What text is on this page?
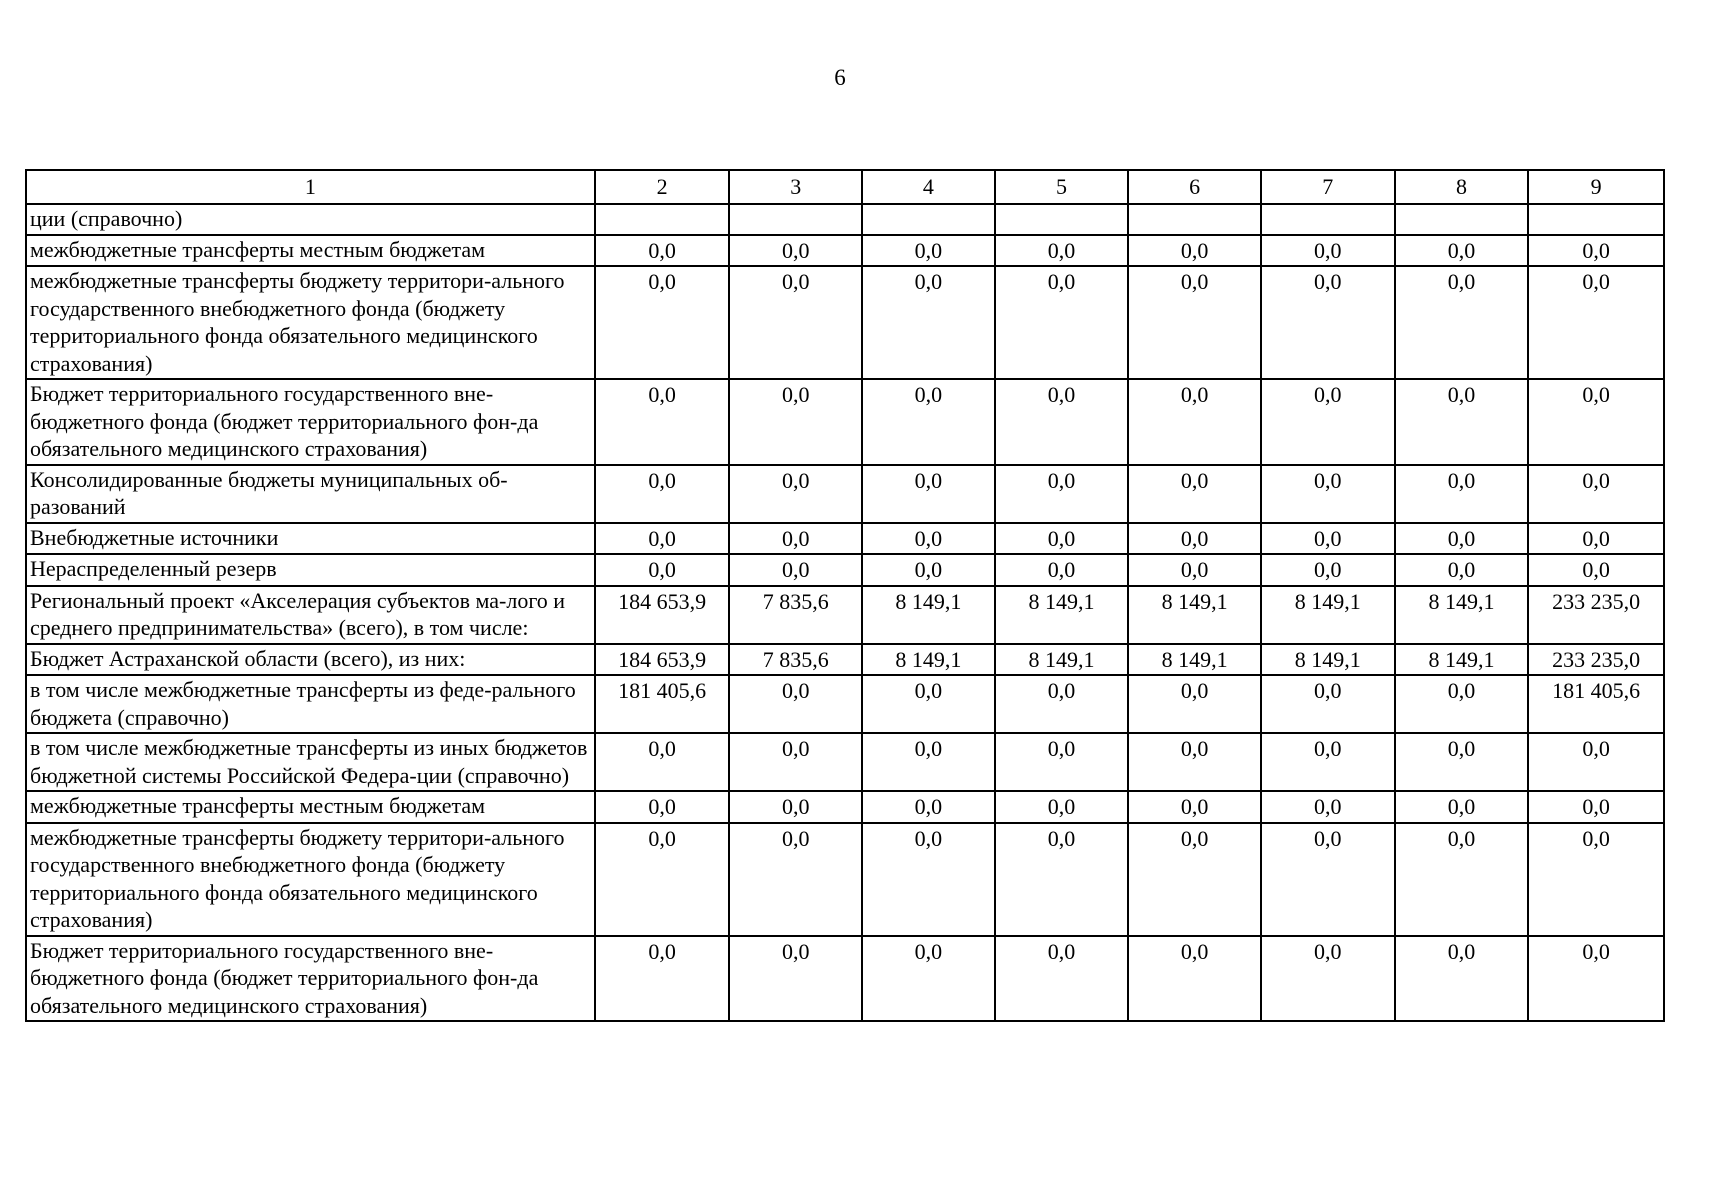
6
1	2	3	4	5	6	7	8	9
ции (справочно)								
межбюджетные трансферты местным бюджетам	0,0	0,0	0,0	0,0	0,0	0,0	0,0	0,0
межбюджетные трансферты бюджету территори-ального государственного внебюджетного фонда (бюджету территориального фонда обязательного медицинского страхования)	0,0	0,0	0,0	0,0	0,0	0,0	0,0	0,0
Бюджет территориального государственного вне-бюджетного фонда (бюджет территориального фон-да обязательного медицинского страхования)	0,0	0,0	0,0	0,0	0,0	0,0	0,0	0,0
Консолидированные бюджеты муниципальных об-разований	0,0	0,0	0,0	0,0	0,0	0,0	0,0	0,0
Внебюджетные источники	0,0	0,0	0,0	0,0	0,0	0,0	0,0	0,0
Нераспределенный резерв	0,0	0,0	0,0	0,0	0,0	0,0	0,0	0,0
Региональный проект «Акселерация субъектов ма-лого и среднего предпринимательства» (всего), в том числе:	184 653,9	7 835,6	8 149,1	8 149,1	8 149,1	8 149,1	8 149,1	233 235,0
Бюджет Астраханской области (всего), из них:	184 653,9	7 835,6	8 149,1	8 149,1	8 149,1	8 149,1	8 149,1	233 235,0
в том числе межбюджетные трансферты из феде-рального бюджета (справочно)	181 405,6	0,0	0,0	0,0	0,0	0,0	0,0	181 405,6
в том числе межбюджетные трансферты из иных бюджетов бюджетной системы Российской Федера-ции (справочно)	0,0	0,0	0,0	0,0	0,0	0,0	0,0	0,0
межбюджетные трансферты местным бюджетам	0,0	0,0	0,0	0,0	0,0	0,0	0,0	0,0
межбюджетные трансферты бюджету территори-ального государственного внебюджетного фонда (бюджету территориального фонда обязательного медицинского страхования)	0,0	0,0	0,0	0,0	0,0	0,0	0,0	0,0
Бюджет территориального государственного вне-бюджетного фонда (бюджет территориального фон-да обязательного медицинского страхования)	0,0	0,0	0,0	0,0	0,0	0,0	0,0	0,0
